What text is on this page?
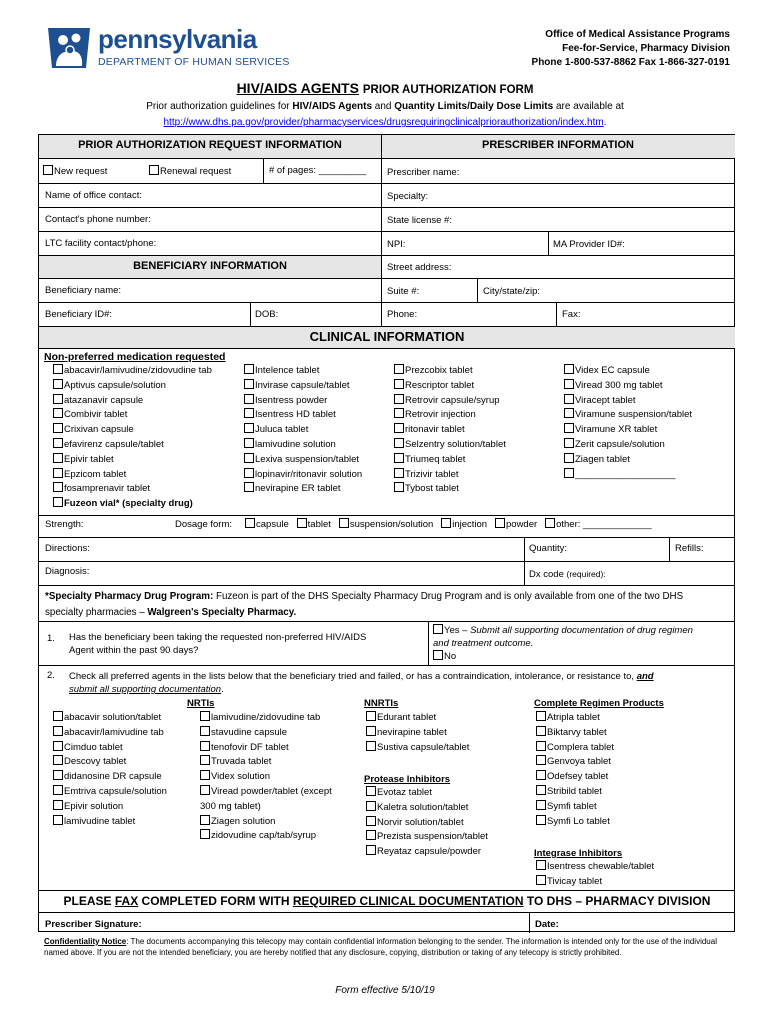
pennsylvania
DEPARTMENT OF HUMAN SERVICES
Office of Medical Assistance Programs
Fee-for-Service, Pharmacy Division
Phone 1-800-537-8862 Fax 1-866-327-0191
HIV/AIDS AGENTS PRIOR AUTHORIZATION FORM
Prior authorization guidelines for HIV/AIDS Agents and Quantity Limits/Daily Dose Limits are available at
http://www.dhs.pa.gov/provider/pharmacyservices/drugsrequiringclinicalpriorauthorization/index.htm.
PRIOR AUTHORIZATION REQUEST INFORMATION	PRESCRIBER INFORMATION
New request	Renewal request	# of pages: _________
Name of office contact:
Contact's phone number:
LTC facility contact/phone:
BENEFICIARY INFORMATION
Beneficiary name:
Beneficiary ID#:	DOB:
Prescriber name:
Specialty:
State license #:
NPI:	MA Provider ID#:
Street address:
Suite #:	City/state/zip:
Phone:	Fax:
CLINICAL INFORMATION
Non-preferred medication requested
abacavir/lamivudine/zidovudine tab
Aptivus capsule/solution
atazanavir capsule
Combivir tablet
Crixivan capsule
efavirenz capsule/tablet
Epivir tablet
Epzicom tablet
fosamprenavir tablet
Fuzeon vial* (specialty drug)
Intelence tablet
Invirase capsule/tablet
Isentress powder
Isentress HD tablet
Juluca tablet
lamivudine solution
Lexiva suspension/tablet
lopinavir/ritonavir solution
nevirapine ER tablet
Prezcobix tablet
Rescriptor tablet
Retrovir capsule/syrup
Retrovir injection
ritonavir tablet
Selzentry solution/tablet
Triumeq tablet
Trizivir tablet
Tybost tablet
Videx EC capsule
Viread 300 mg tablet
Viracept tablet
Viramune suspension/tablet
Viramune XR tablet
Zerit capsule/solution
Ziagen tablet
___________________
Strength:	Dosage form:	capsule tablet suspension/solution injection powder other: _____________
Directions:	Quantity:	Refills:
Diagnosis:	Dx code (required):
*Specialty Pharmacy Drug Program: Fuzeon is part of the DHS Specialty Pharmacy Drug Program and is only available from one of the two DHS
specialty pharmacies – Walgreen's Specialty Pharmacy.
1. Has the beneficiary been taking the requested non-preferred HIV/AIDS
Agent within the past 90 days?
Yes – Submit all supporting documentation of drug regimen
and treatment outcome.
No
2. Check all preferred agents in the lists below that the beneficiary tried and failed, or has a contraindication, intolerance, or resistance to, and
submit all supporting documentation.
NRTIs
abacavir solution/tablet
abacavir/lamivudine tab
Cimduo tablet
Descovy tablet
didanosine DR capsule
Emtriva capsule/solution
Epivir solution
lamivudine tablet
lamivudine/zidovudine tab
stavudine capsule
tenofovir DF tablet
Truvada tablet
Videx solution
Viread powder/tablet (except
300 mg tablet)
Ziagen solution
zidovudine cap/tab/syrup
NNRTIs
Edurant tablet
nevirapine tablet
Sustiva capsule/tablet
Protease Inhibitors
Evotaz tablet
Kaletra solution/tablet
Norvir solution/tablet
Prezista suspension/tablet
Reyataz capsule/powder
Complete Regimen Products
Atripla tablet
Biktarvy tablet
Complera tablet
Genvoya tablet
Odefsey tablet
Stribild tablet
Symfi tablet
Symfi Lo tablet
Integrase Inhibitors
Isentress chewable/tablet
Tivicay tablet
PLEASE FAX COMPLETED FORM WITH REQUIRED CLINICAL DOCUMENTATION TO DHS – PHARMACY DIVISION
Prescriber Signature:	Date:
Confidentiality Notice: The documents accompanying this telecopy may contain confidential information belonging to the sender. The information is intended only for the use of the individual named above. If you are not the intended beneficiary, you are hereby notified that any disclosure, copying, distribution or taking of any telecopy is strictly prohibited.
Form effective 5/10/19
